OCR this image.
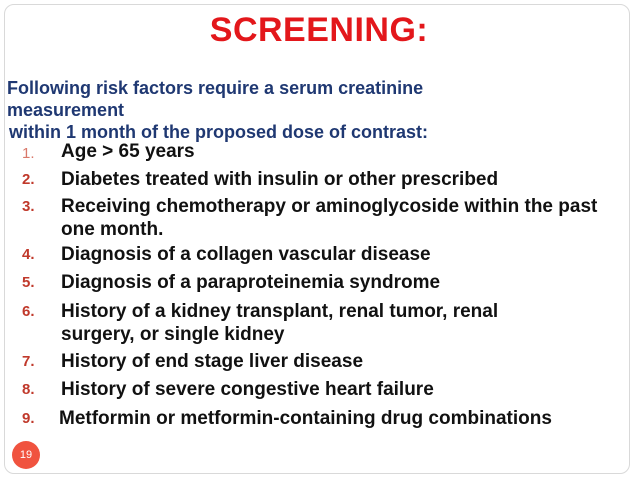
SCREENING:
Following risk factors require a serum creatinine
measurement
within 1 month of the proposed dose of contrast:
1. Age > 65 years
2. Diabetes treated with insulin or other prescribed
3. Receiving chemotherapy or aminoglycoside within the past one month.
4. Diagnosis of a collagen vascular disease
5. Diagnosis of a paraproteinemia syndrome
6. History of a kidney transplant, renal tumor, renal surgery, or single kidney
7. History of end stage liver disease
8. History of severe congestive heart failure
9. Metformin or metformin-containing drug combinations
19
